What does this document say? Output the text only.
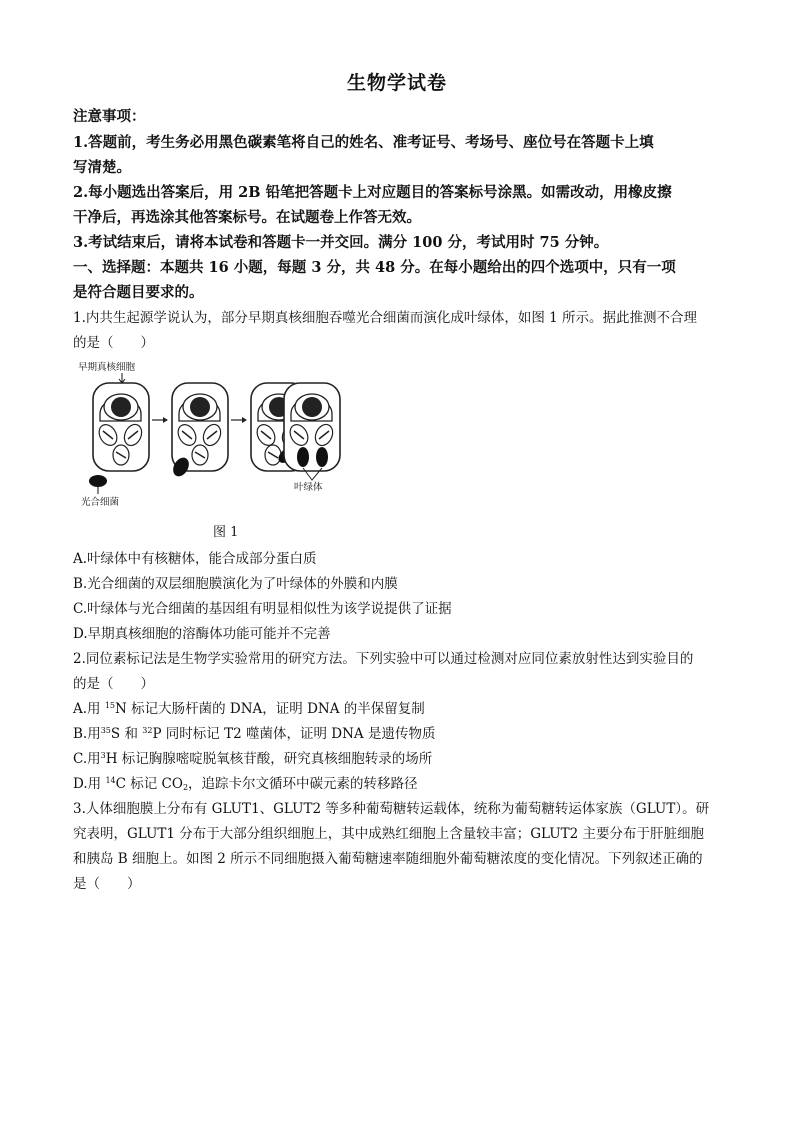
生物学试卷
注意事项：
1.答题前，考生务必用黑色碳素笔将自己的姓名、准考证号、考场号、座位号在答题卡上填
写清楚。
2.每小题选出答案后，用 2B 铅笔把答题卡上对应题目的答案标号涂黑。如需改动，用橡皮擦
干净后，再选涂其他答案标号。在试题卷上作答无效。
3.考试结束后，请将本试卷和答题卡一并交回。满分 100 分，考试用时 75 分钟。
一、选择题：本题共 16 小题，每题 3 分，共 48 分。在每小题给出的四个选项中，只有一项
是符合题目要求的。
1.内共生起源学说认为，部分早期真核细胞吞噬光合细菌而演化成叶绿体，如图 1 所示。据此推测不合理
的是（　　）
早期真核细胞
光合细菌
叶绿体
图 1
A.叶绿体中有核糖体，能合成部分蛋白质
B.光合细菌的双层细胞膜演化为了叶绿体的外膜和内膜
C.叶绿体与光合细菌的基因组有明显相似性为该学说提供了证据
D.早期真核细胞的溶酶体功能可能并不完善
2.同位素标记法是生物学实验常用的研究方法。下列实验中可以通过检测对应同位素放射性达到实验目的
的是（　　）
A.用 $^{15}$N 标记大肠杆菌的 DNA，证明 DNA 的半保留复制
B.用$^{35}$S 和 $^{32}$P 同时标记 T2 噬菌体，证明 DNA 是遗传物质
C.用$^3$H 标记胸腺嘧啶脱氧核苷酸，研究真核细胞转录的场所
D.用 $^{14}$C 标记 $CO_2$，追踪卡尔文循环中碳元素的转移路径
3.人体细胞膜上分布有 GLUT1、GLUT2 等多种葡萄糖转运载体，统称为葡萄糖转运体家族（GLUT）。研
究表明，GLUT1 分布于大部分组织细胞上，其中成熟红细胞上含量较丰富；GLUT2 主要分布于肝脏细胞
和胰岛 B 细胞上。如图 2 所示不同细胞摄入葡萄糖速率随细胞外葡萄糖浓度的变化情况。下列叙述正确的
是（　　）
